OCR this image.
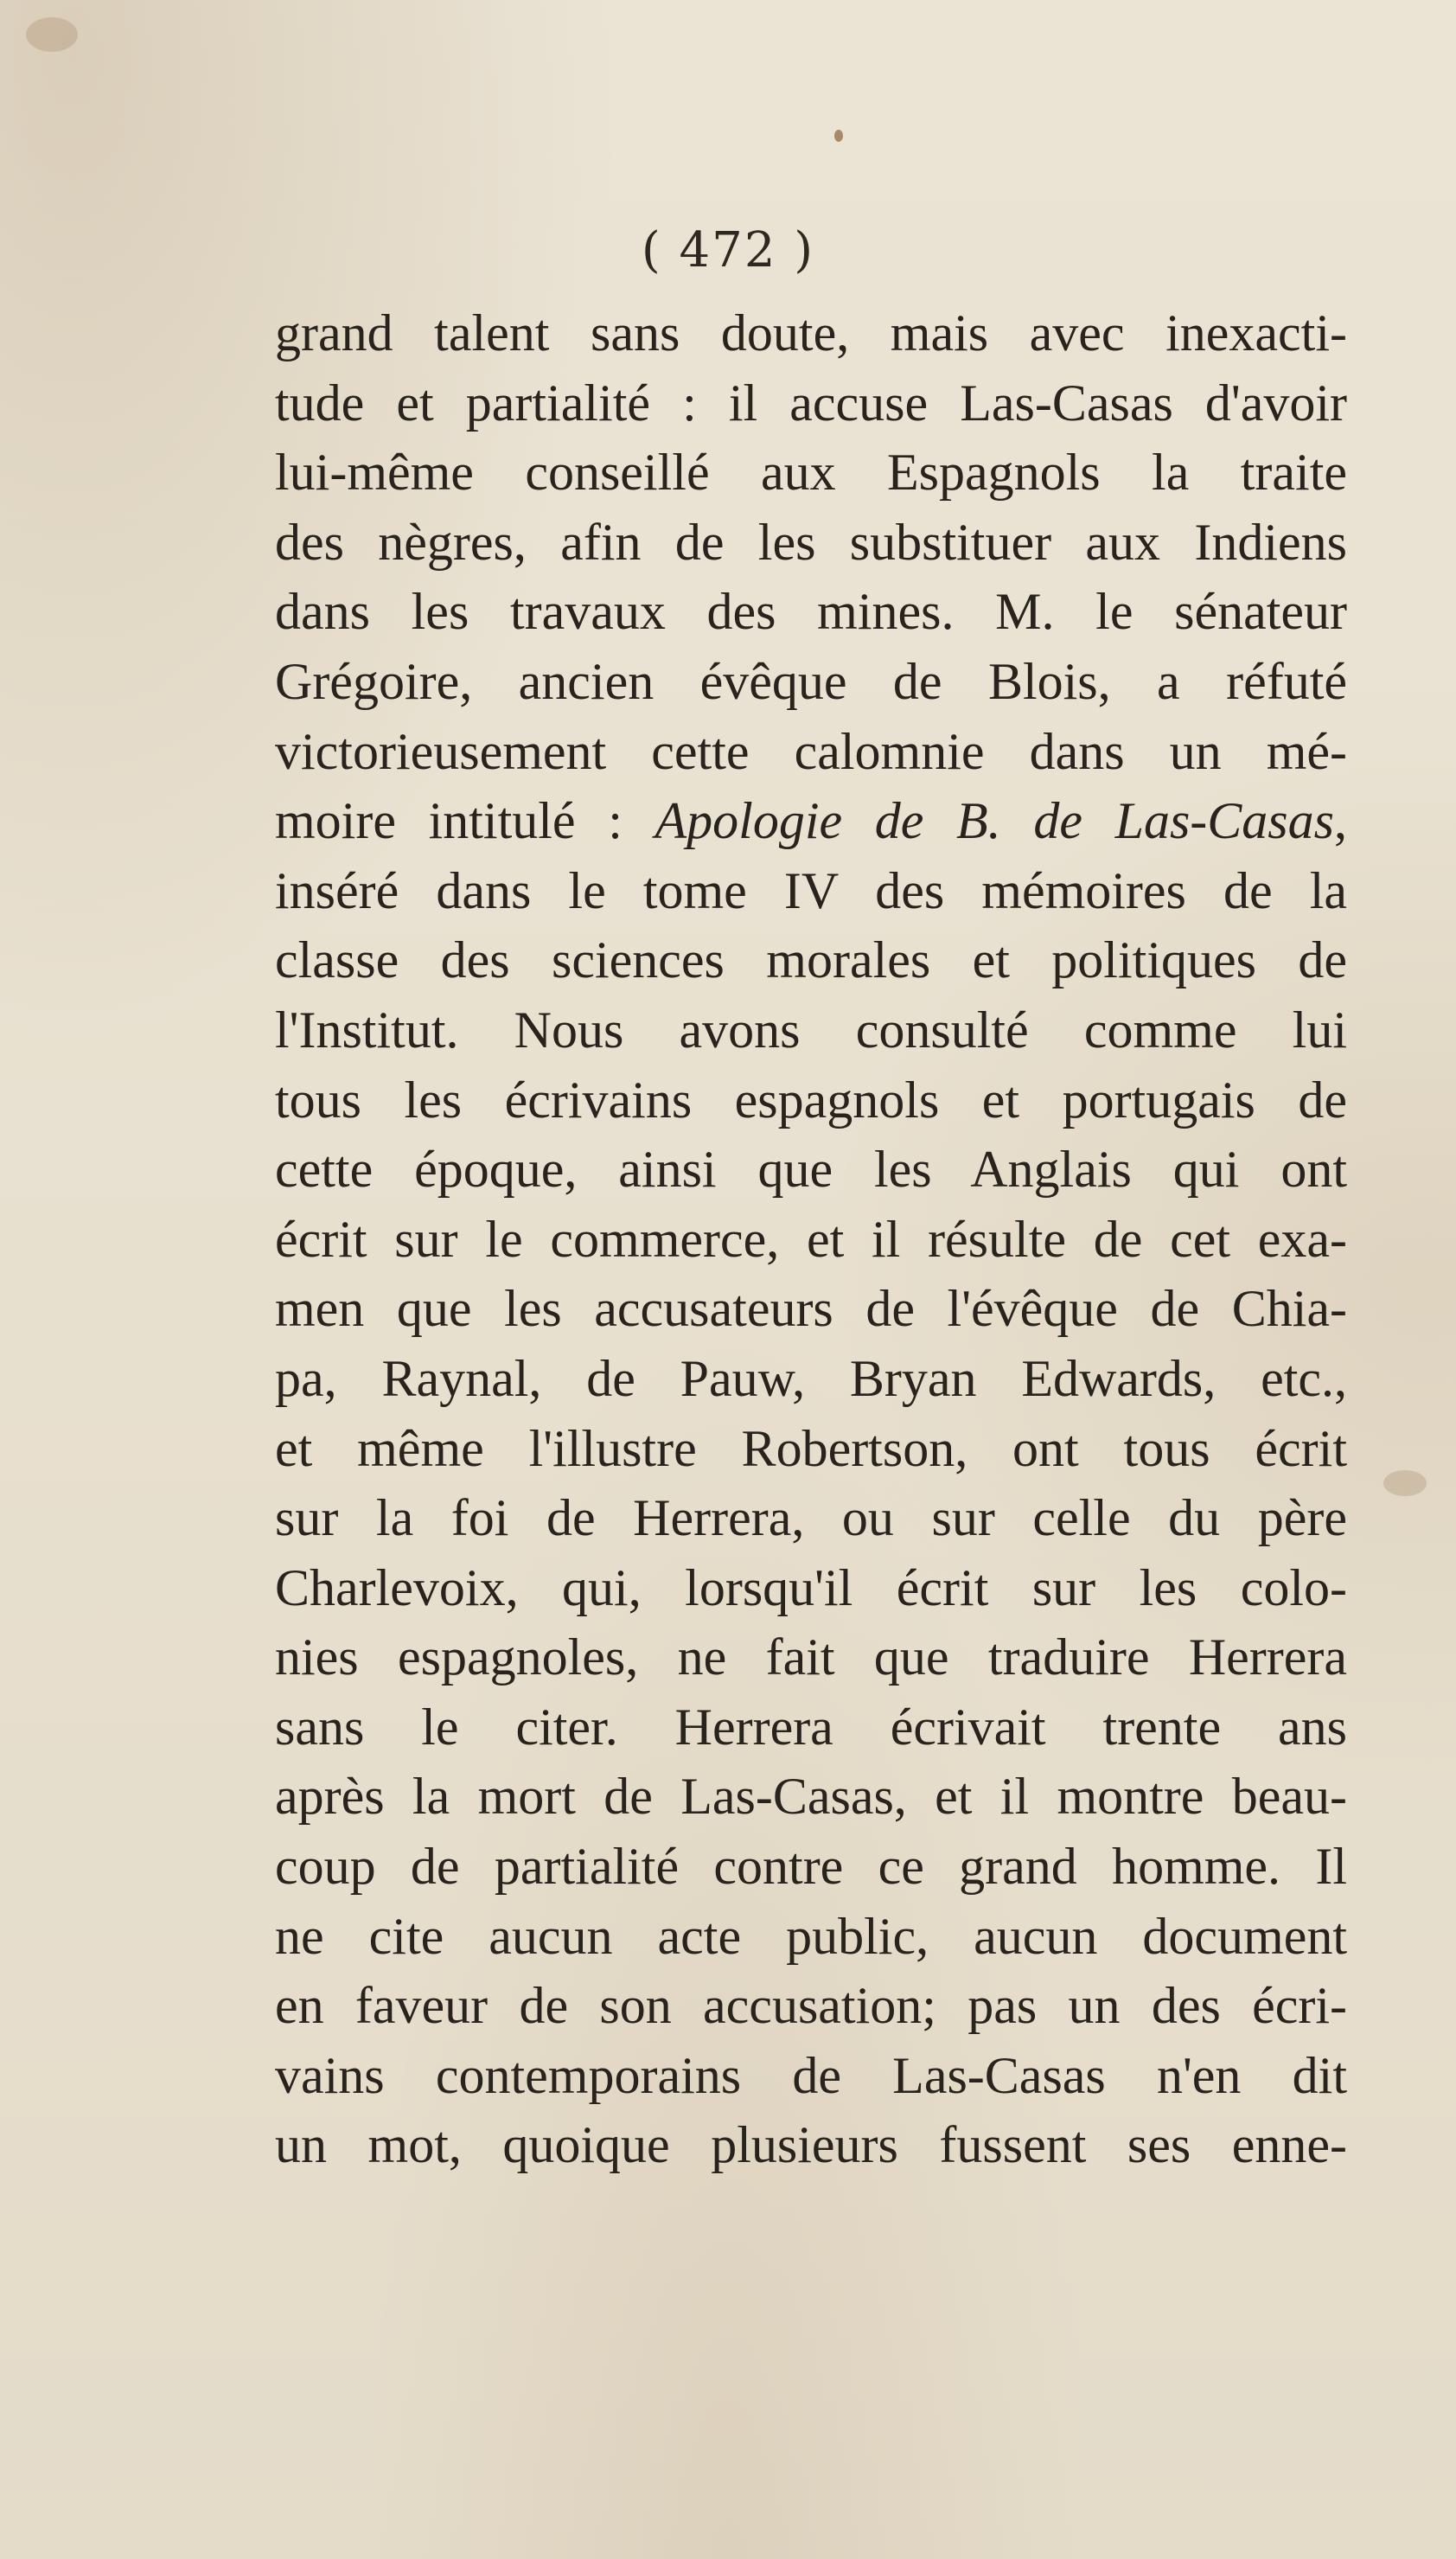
( 472 )
grand talent sans doute, mais avec inexacti-
tude et partialité : il accuse Las-Casas d'avoir
lui-même conseillé aux Espagnols la traite
des nègres, afin de les substituer aux Indiens
dans les travaux des mines. M. le sénateur
Grégoire, ancien évêque de Blois, a réfuté
victorieusement cette calomnie dans un mé-
moire intitulé : Apologie de B. de Las-Casas,
inséré dans le tome IV des mémoires de la
classe des sciences morales et politiques de
l'Institut. Nous avons consulté comme lui
tous les écrivains espagnols et portugais de
cette époque, ainsi que les Anglais qui ont
écrit sur le commerce, et il résulte de cet exa-
men que les accusateurs de l'évêque de Chia-
pa, Raynal, de Pauw, Bryan Edwards, etc.,
et même l'illustre Robertson, ont tous écrit
sur la foi de Herrera, ou sur celle du père
Charlevoix, qui, lorsqu'il écrit sur les colo-
nies espagnoles, ne fait que traduire Herrera
sans le citer. Herrera écrivait trente ans
après la mort de Las-Casas, et il montre beau-
coup de partialité contre ce grand homme. Il
ne cite aucun acte public, aucun document
en faveur de son accusation; pas un des écri-
vains contemporains de Las-Casas n'en dit
un mot, quoique plusieurs fussent ses enne-
